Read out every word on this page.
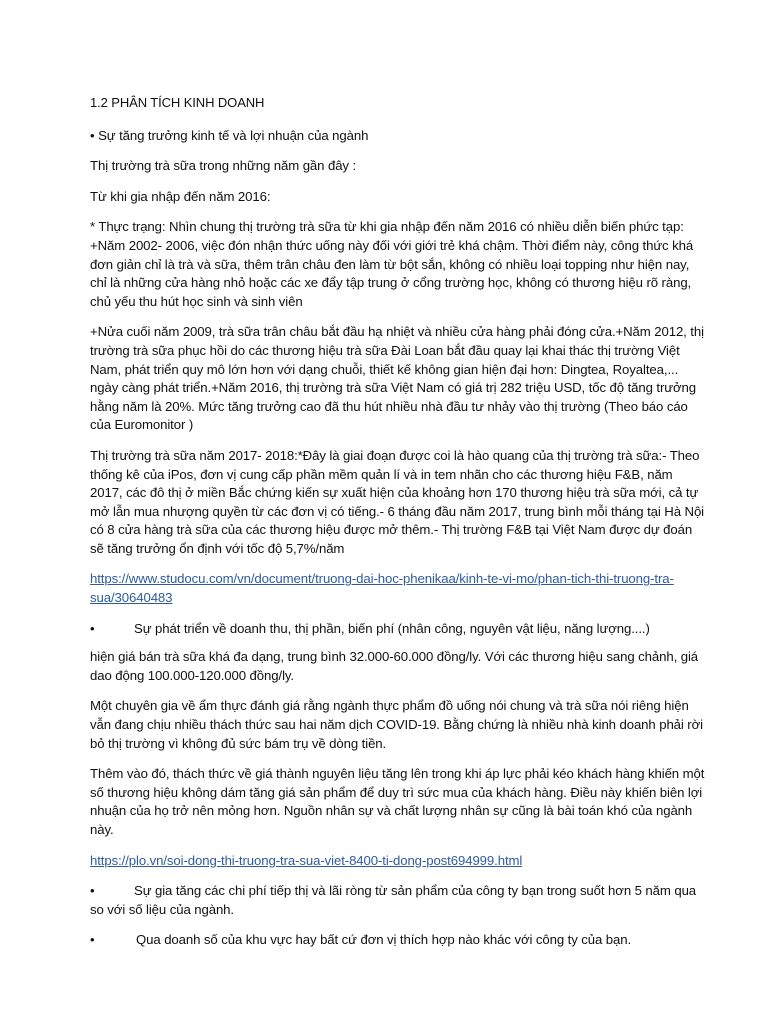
1.2 PHÂN TÍCH KINH DOANH

• Sự tăng trưởng kinh tế và lợi nhuận của ngành

Thị trường trà sữa trong những năm gần đây :

Từ khi gia nhập đến năm 2016:

* Thực trạng: Nhìn chung thị trường trà sữa từ khi gia nhập đến năm 2016 có nhiều diễn biến phức tạp: +Năm 2002- 2006, việc đón nhận thức uống này đối với giới trẻ khá chậm. Thời điểm này, công thức khá đơn giản chỉ là trà và sữa, thêm trân châu đen làm từ bột sắn, không có nhiều loại topping như hiện nay, chỉ là những cửa hàng nhỏ hoặc các xe đẩy tập trung ở cổng trường học, không có thương hiệu rõ ràng, chủ yếu thu hút học sinh và sinh viên

+Nửa cuối năm 2009, trà sữa trân châu bắt đầu hạ nhiệt và nhiều cửa hàng phải đóng cửa.+Năm 2012, thị trường trà sữa phục hồi do các thương hiệu trà sữa Đài Loan bắt đầu quay lại khai thác thị trường Việt Nam, phát triển quy mô lớn hơn với dạng chuỗi, thiết kế không gian hiện đại hơn: Dingtea, Royaltea,... ngày càng phát triển.+Năm 2016, thị trường trà sữa Việt Nam có giá trị 282 triệu USD, tốc độ tăng trưởng hằng năm là 20%. Mức tăng trưởng cao đã thu hút nhiều nhà đầu tư nhảy vào thị trường (Theo báo cáo của Euromonitor )

Thị trường trà sữa năm 2017- 2018:*Đây là giai đoạn được coi là hào quang của thị trường trà sữa:- Theo thống kê của iPos, đơn vị cung cấp phần mềm quản lí và in tem nhãn cho các thương hiệu F&B, năm 2017, các đô thị ở miền Bắc chứng kiến sự xuất hiện của khoảng hơn 170 thương hiệu trà sữa mới, cả tự mở lẫn mua nhượng quyền từ các đơn vị có tiếng.- 6 tháng đầu năm 2017, trung bình mỗi tháng tại Hà Nội có 8 cửa hàng trà sữa của các thương hiệu được mở thêm.- Thị trường F&B tại Việt Nam được dự đoán sẽ tăng trưởng ổn định với tốc độ 5,7%/năm

https://www.studocu.com/vn/document/truong-dai-hoc-phenikaa/kinh-te-vi-mo/phan-tich-thi-truong-tra-sua/30640483

•	Sự phát triển về doanh thu, thị phần, biến phí (nhân công, nguyên vật liệu, năng lượng....)

hiện giá bán trà sữa khá đa dạng, trung bình 32.000-60.000 đồng/ly. Với các thương hiệu sang chảnh, giá dao động 100.000-120.000 đồng/ly.

Một chuyên gia về ẩm thực đánh giá rằng ngành thực phẩm đồ uống nói chung và trà sữa nói riêng hiện vẫn đang chịu nhiều thách thức sau hai năm dịch COVID-19. Bằng chứng là nhiều nhà kinh doanh phải rời bỏ thị trường vì không đủ sức bám trụ về dòng tiền.

Thêm vào đó, thách thức về giá thành nguyên liệu tăng lên trong khi áp lực phải kéo khách hàng khiến một số thương hiệu không dám tăng giá sản phẩm để duy trì sức mua của khách hàng. Điều này khiến biên lợi nhuận của họ trở nên mỏng hơn. Nguồn nhân sự và chất lượng nhân sự cũng là bài toán khó của ngành này.

https://plo.vn/soi-dong-thi-truong-tra-sua-viet-8400-ti-dong-post694999.html

•	Sự gia tăng các chi phí tiếp thị và lãi ròng từ sản phẩm của công ty bạn trong suốt hơn 5 năm qua so với số liệu của ngành.

•	Qua doanh số của khu vực hay bất cứ đơn vị thích hợp nào khác với công ty của bạn.
